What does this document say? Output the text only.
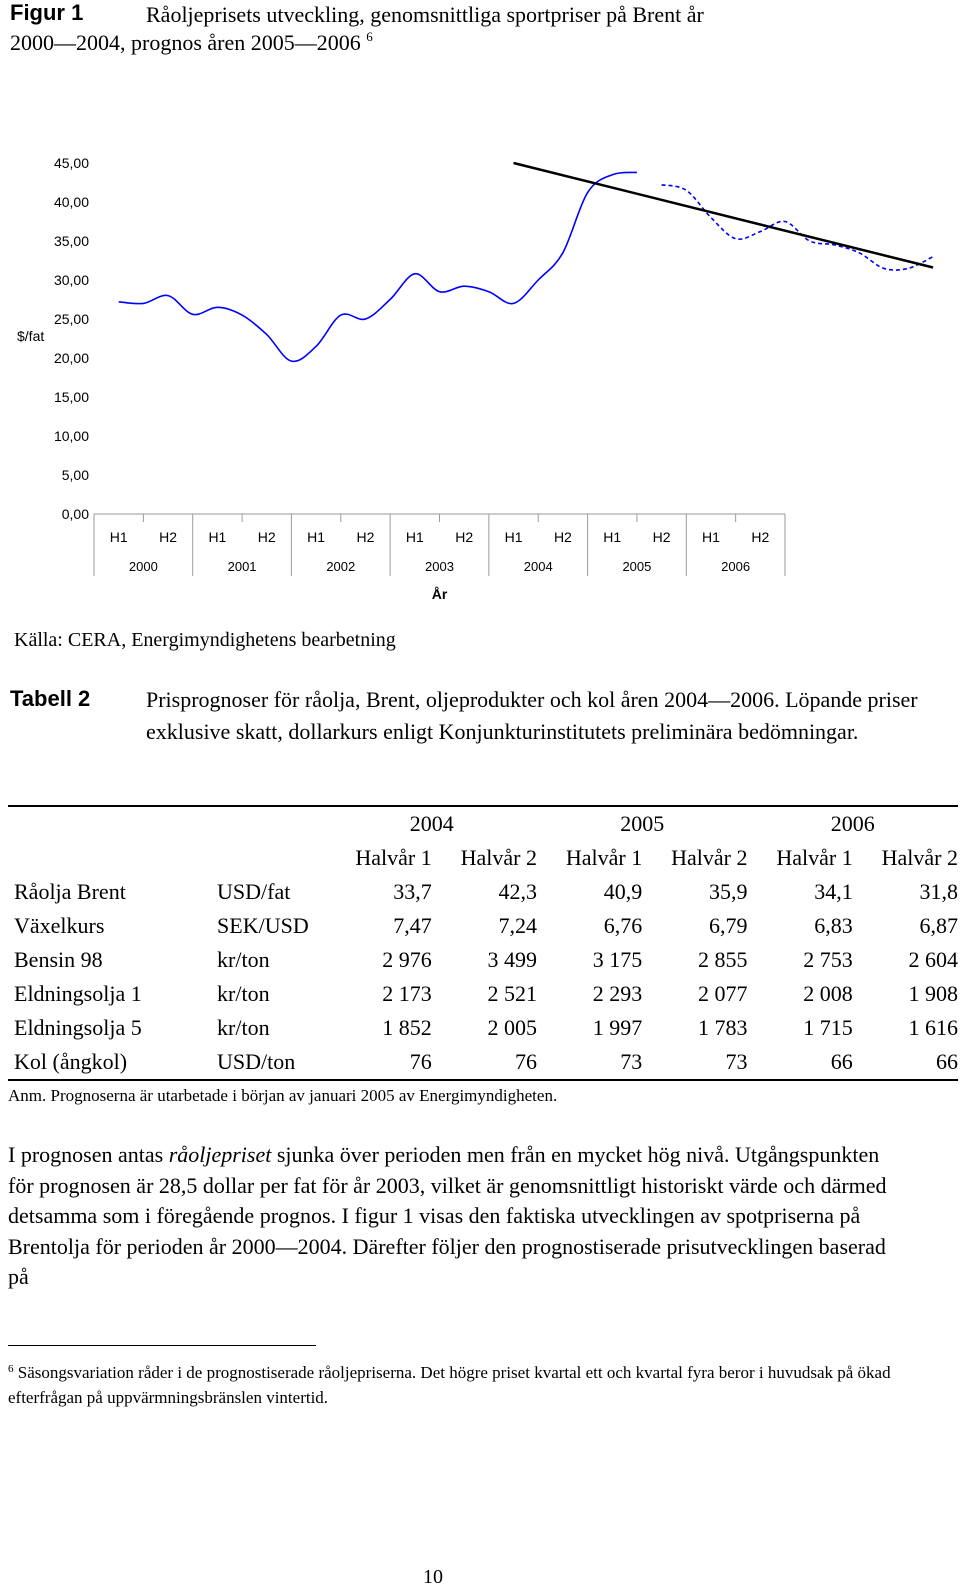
Figur 1	Råoljeprisets utveckling, genomsnittliga sportpriser på Brent år
2000—2004, prognos åren 2005—2006 $^6$
45,00
40,00
35,00
30,00
25,00
20,00
15,00
10,00
5,00
0,00
$/fat
H1 H2 H1 H2 H1 H2 H1 H2 H1 H2 H1 H2 H1 H2
2000	2001	2002	2003	2004	2005	2006
År
Källa: CERA, Energimyndighetens bearbetning
Tabell 2	Prisprognoser för råolja, Brent, oljeprodukter och kol åren 2004—2006. Löpande priser exklusive skatt, dollarkurs enligt Konjunkturinstitutets preliminära bedömningar.
		2004		2005		2006	
		Halvår 1	Halvår 2	Halvår 1	Halvår 2	Halvår 1	Halvår 2
Råolja Brent	USD/fat	33,7	42,3	40,9	35,9	34,1	31,8
Växelkurs	SEK/USD	7,47	7,24	6,76	6,79	6,83	6,87
Bensin 98	kr/ton	2 976	3 499	3 175	2 855	2 753	2 604
Eldningsolja 1	kr/ton	2 173	2 521	2 293	2 077	2 008	1 908
Eldningsolja 5	kr/ton	1 852	2 005	1 997	1 783	1 715	1 616
Kol (ångkol)	USD/ton	76	76	73	73	66	66
Anm. Prognoserna är utarbetade i början av januari 2005 av Energimyndigheten.
I prognosen antas råoljepriset sjunka över perioden men från en mycket hög nivå. Utgångspunkten för prognosen är 28,5 dollar per fat för år 2003, vilket är genomsnittligt historiskt värde och därmed detsamma som i föregående prognos. I figur 1 visas den faktiska utvecklingen av spotpriserna på Brentolja för perioden år 2000—2004. Därefter följer den prognostiserade prisutvecklingen baserad på
$^6$ Säsongsvariation råder i de prognostiserade råoljepriserna. Det högre priset kvartal ett och kvartal fyra beror i huvudsak på ökad efterfrågan på uppvärmningsbränslen vintertid.
10
